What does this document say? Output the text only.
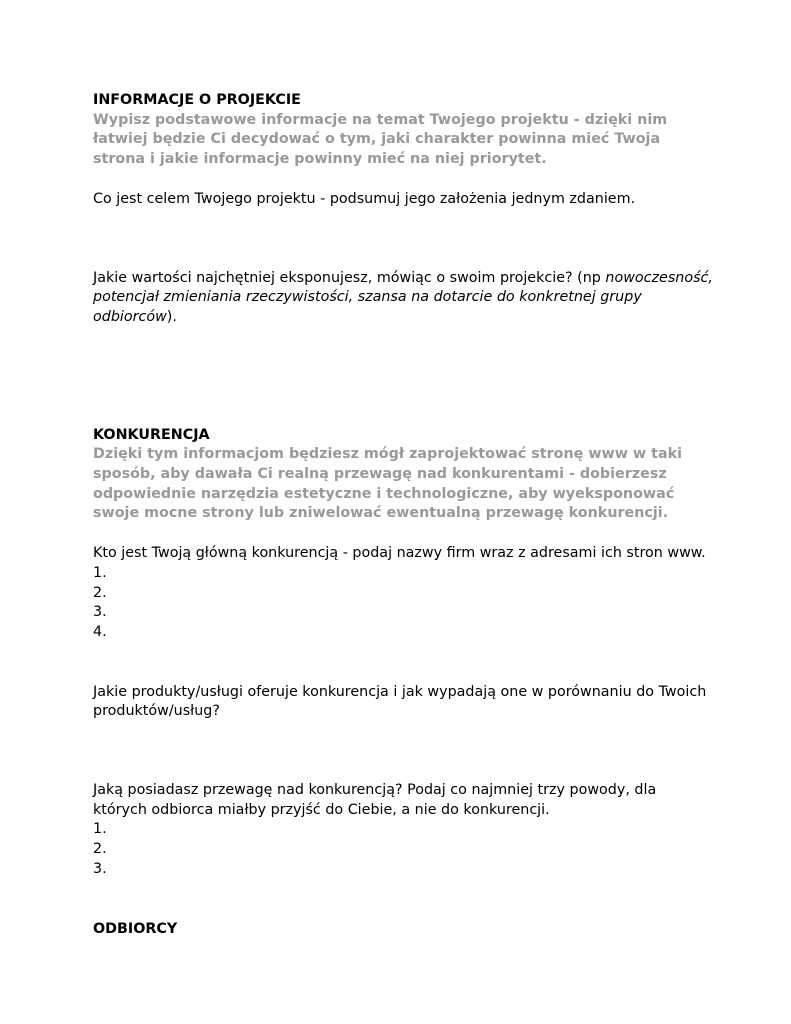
INFORMACJE O PROJEKCIE

Wypisz podstawowe informacje na temat Twojego projektu - dzięki nim łatwiej będzie Ci decydować o tym, jaki charakter powinna mieć Twoja strona i jakie informacje powinny mieć na niej priorytet.

Co jest celem Twojego projektu - podsumuj jego założenia jednym zdaniem.

Jakie wartości najchętniej eksponujesz, mówiąc o swoim projekcie? (np nowoczesność, potencjał zmieniania rzeczywistości, szansa na dotarcie do konkretnej grupy odbiorców).

KONKURENCJA

Dzięki tym informacjom będziesz mógł zaprojektować stronę www w taki sposób, aby dawała Ci realną przewagę nad konkurentami - dobierzesz odpowiednie narzędzia estetyczne i technologiczne, aby wyeksponować swoje mocne strony lub zniwelować ewentualną przewagę konkurencji.

Kto jest Twoją główną konkurencją - podaj nazwy firm wraz z adresami ich stron www.

1.
2.
3.
4.

Jakie produkty/usługi oferuje konkurencja i jak wypadają one w porównaniu do Twoich produktów/usług?

Jaką posiadasz przewagę nad konkurencją? Podaj co najmniej trzy powody, dla których odbiorca miałby przyjść do Ciebie, a nie do konkurencji.

1.
2.
3.

ODBIORCY
